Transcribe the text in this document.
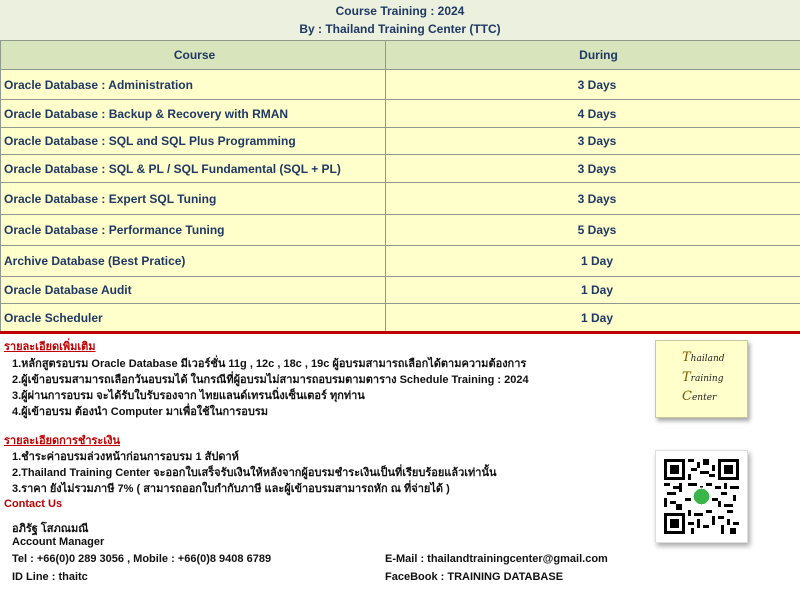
Course Training : 2024
By : Thailand Training Center (TTC)
Course	During
Oracle Database : Administration	3 Days
Oracle Database : Backup & Recovery with RMAN	4 Days
Oracle Database : SQL and SQL Plus Programming	3 Days
Oracle Database : SQL & PL / SQL Fundamental (SQL + PL)	3 Days
Oracle Database : Expert SQL Tuning	3 Days
Oracle Database : Performance Tuning	5 Days
Archive Database (Best Pratice)	1 Day
Oracle Database Audit	1 Day
Oracle Scheduler	1 Day
รายละเอียดเพิ่มเติม
1.หลักสูตรอบรม Oracle Database มีเวอร์ชั่น 11g , 12c , 18c , 19c ผู้อบรมสามารถเลือกได้ตามความต้องการ
2.ผู้เข้าอบรมสามารถเลือกวันอบรมได้ ในกรณีที่ผู้อบรมไม่สามารถอบรมตามตาราง Schedule Training : 2024
3.ผู้ผ่านการอบรม จะได้รับใบรับรองจาก ไทยแลนด์เทรนนิ่งเซ็นเตอร์ ทุกท่าน
4.ผู้เข้าอบรม ต้องนำ Computer มาเพื่อใช้ในการอบรม
รายละเอียดการชำระเงิน
1.ชำระค่าอบรมล่วงหน้าก่อนการอบรม 1 สัปดาห์
2.Thailand Training Center จะออกใบเสร็จรับเงินให้หลังจากผู้อบรมชำระเงินเป็นที่เรียบร้อยแล้วเท่านั้น
3.ราคา ยังไม่รวมภาษี 7% ( สามารถออกใบกำกับภาษี และผู้เข้าอบรมสามารถหัก ณ ที่จ่ายได้ )
Contact Us
อภิรัฐ โสภณมณี
Account Manager
Tel : +66(0)0 289 3056 , Mobile : +66(0)8 9408 6789
ID Line : thaitc
E-Mail : thailandtrainingcenter@gmail.com
FaceBook : TRAINING DATABASE
Thailand
Training
Center
